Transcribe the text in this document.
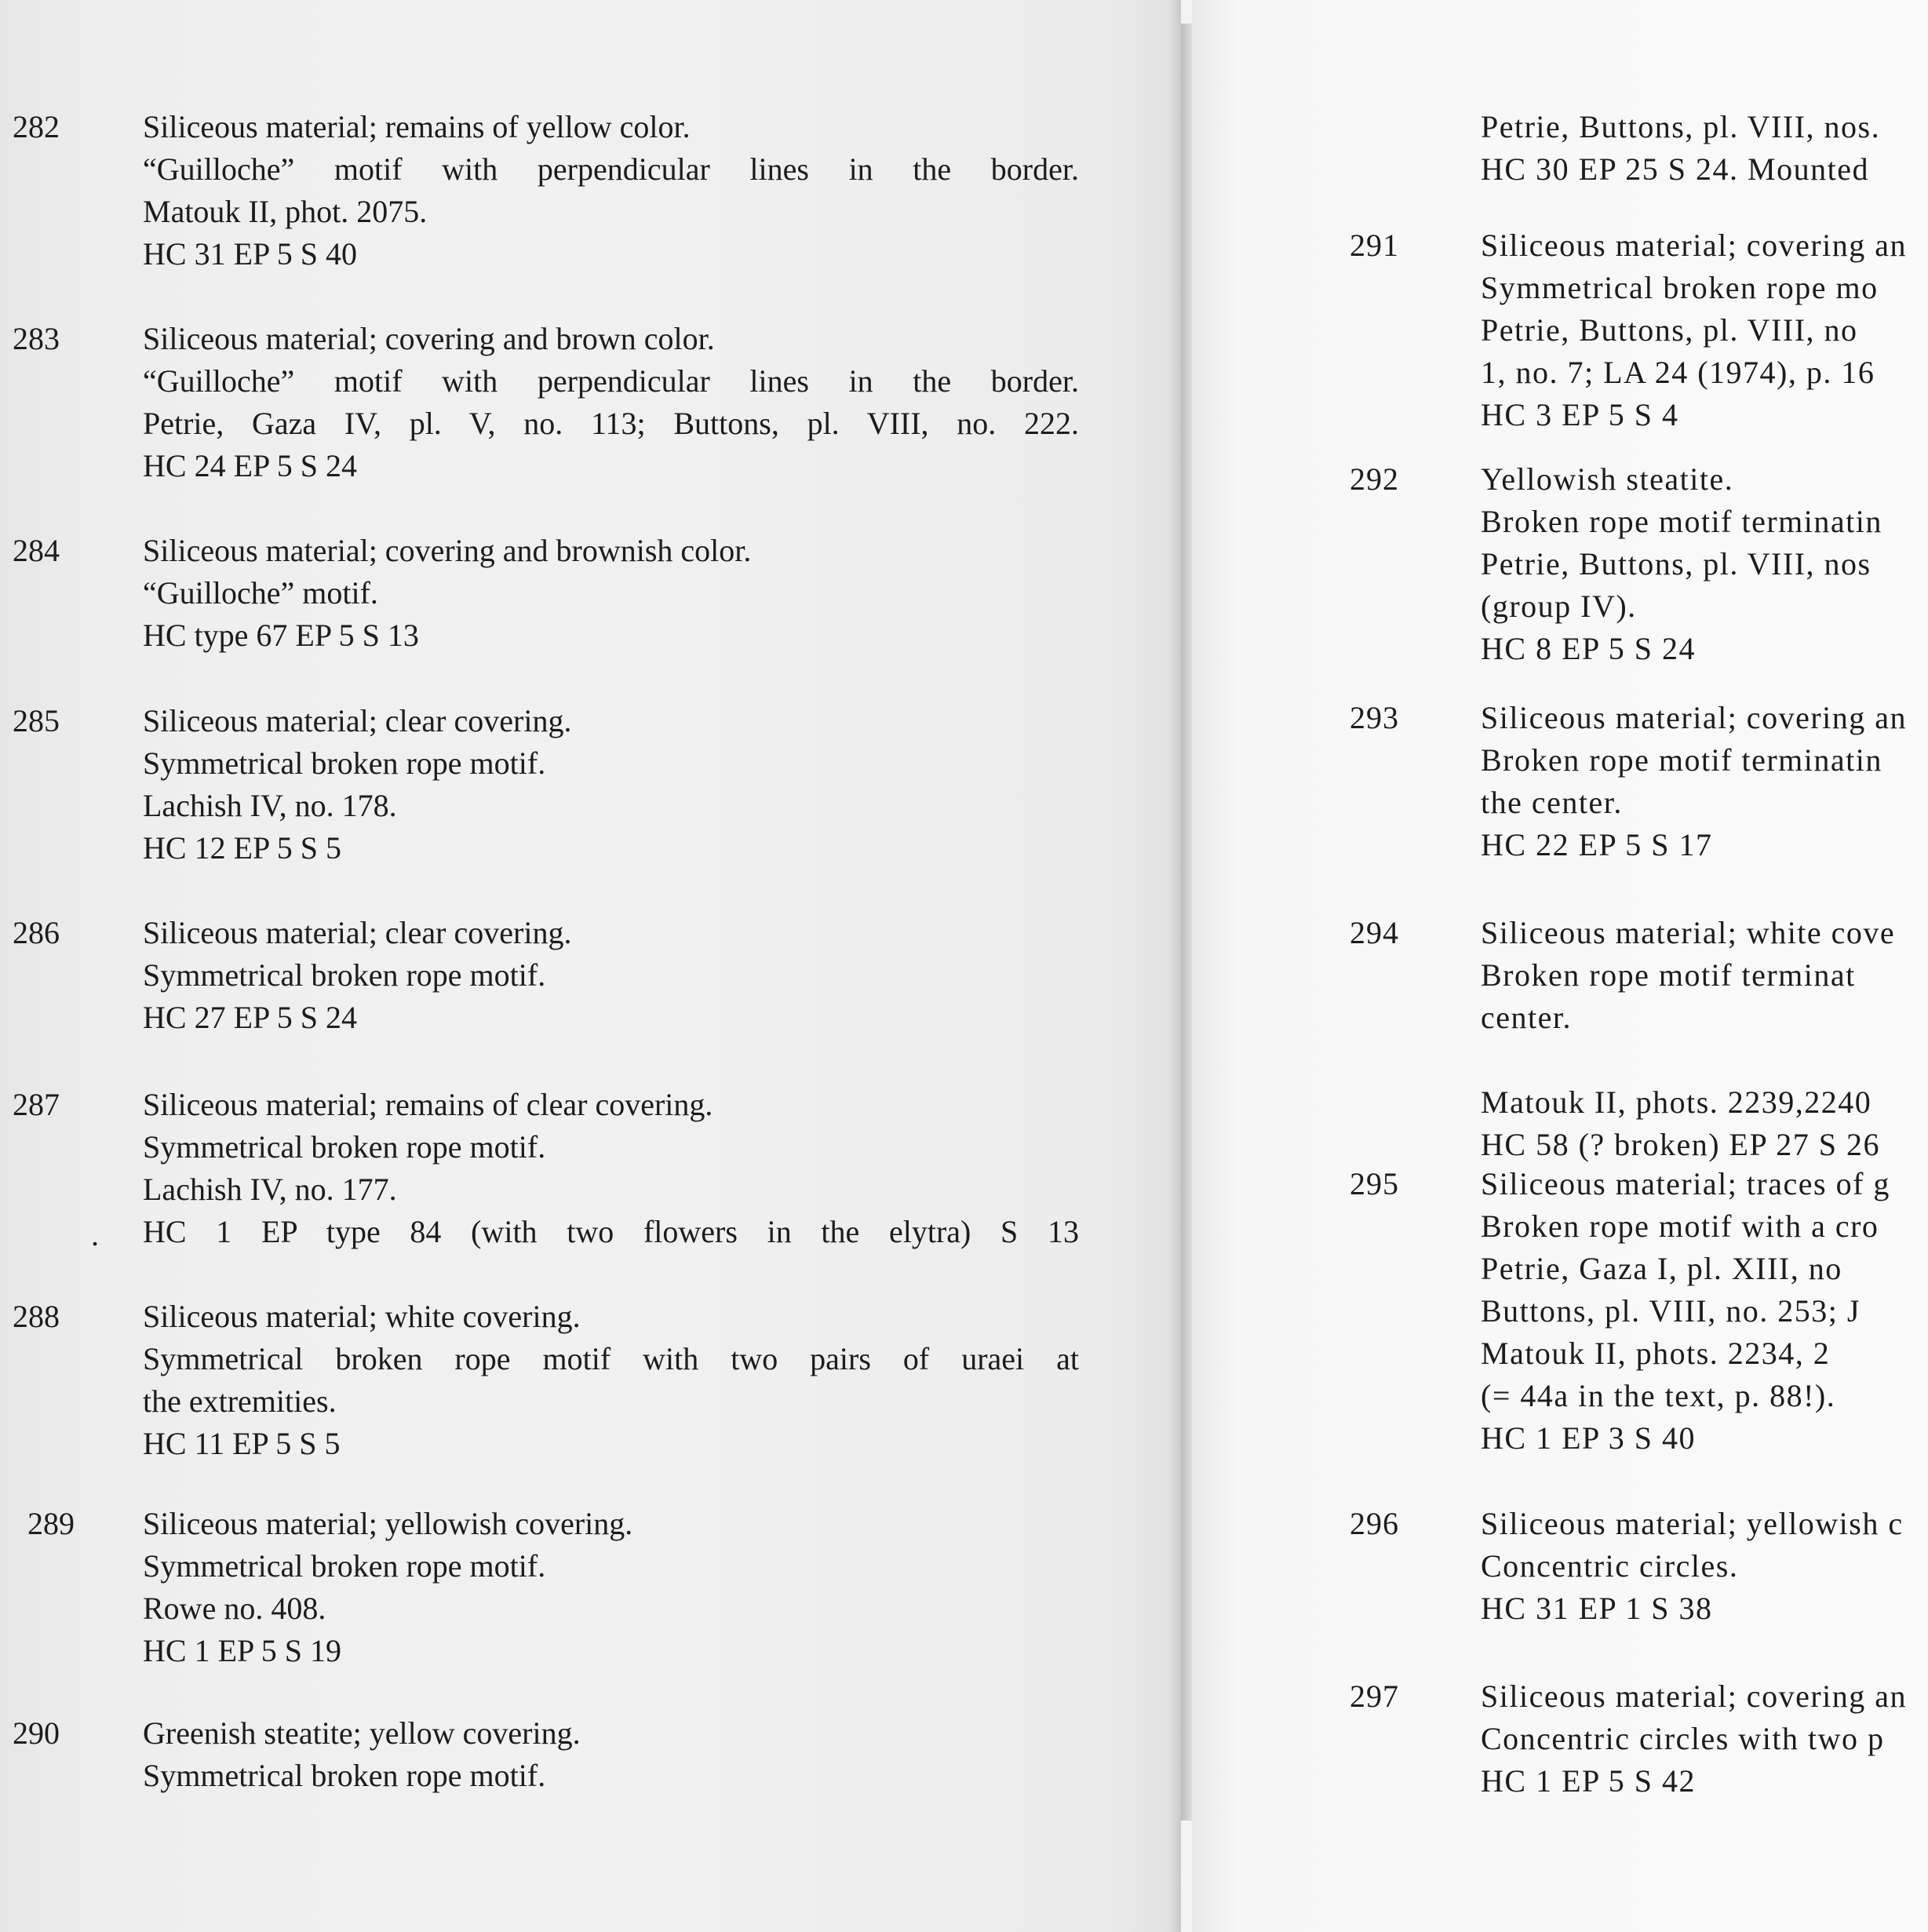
282	Siliceous material; remains of yellow color.
“Guilloche” motif with perpendicular lines in the border.
Matouk II, phot. 2075.
HC 31 EP 5 S 40
283	Siliceous material; covering and brown color.
“Guilloche” motif with perpendicular lines in the border.
Petrie, Gaza IV, pl. V, no. 113; Buttons, pl. VIII, no. 222.
HC 24 EP 5 S 24
284	Siliceous material; covering and brownish color.
“Guilloche” motif.
HC type 67 EP 5 S 13
285	Siliceous material; clear covering.
Symmetrical broken rope motif.
Lachish IV, no. 178.
HC 12 EP 5 S 5
286	Siliceous material; clear covering.
Symmetrical broken rope motif.
HC 27 EP 5 S 24
287	Siliceous material; remains of clear covering.
Symmetrical broken rope motif.
Lachish IV, no. 177.
HC 1 EP type 84 (with two flowers in the elytra) S 13
288	Siliceous material; white covering.
Symmetrical broken rope motif with two pairs of uraei at
the extremities.
HC 11 EP 5 S 5
289 Siliceous material; yellowish covering.
Symmetrical broken rope motif.
Rowe no. 408.
HC 1 EP 5 S 19
290	Greenish steatite; yellow covering.
Symmetrical broken rope motif.
.
Petrie, Buttons, pl. VIII, nos.
HC 30 EP 25 S 24. Mounted
291	Siliceous material; covering an
Symmetrical broken rope mo
Petrie, Buttons, pl. VIII, no
1, no. 7; LA 24 (1974), p. 16
HC 3 EP 5 S 4
292	Yellowish steatite.
Broken rope motif terminatin
Petrie, Buttons, pl. VIII, nos
(group IV).
HC 8 EP 5 S 24
293	Siliceous material; covering an
Broken rope motif terminatin
the center.
HC 22 EP 5 S 17
294	Siliceous material; white cove
Broken rope motif terminat
center.
Matouk II, phots. 2239,2240
HC 58 (? broken) EP 27 S 26
295	Siliceous material; traces of g
Broken rope motif with a cro
Petrie, Gaza I, pl. XIII, no
Buttons, pl. VIII, no. 253; J
Matouk II, phots. 2234, 2
(= 44a in the text, p. 88!).
HC 1 EP 3 S 40
296	Siliceous material; yellowish c
Concentric circles.
HC 31 EP 1 S 38
297	Siliceous material; covering an
Concentric circles with two p
HC 1 EP 5 S 42
